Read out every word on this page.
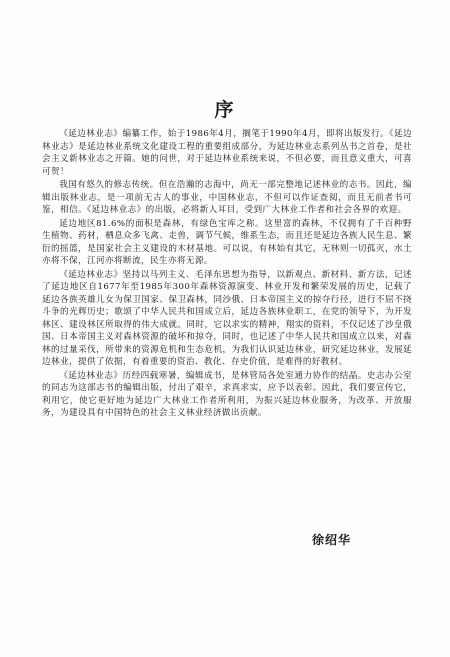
序

《延边林业志》编纂工作，始于1986年4月，搁笔于1990年4月，即将出版发行。《延边林业志》是延边林业系统文化建设工程的重要组成部分，为延边林业志系列丛书之首卷，是社会主义新林业志之开篇。她的问世，对于延边林业系统来说，不但必要，而且意义重大，可喜可贺！

我国有悠久的修志传统。但在浩瀚的志海中，尚无一部完整地记述林业的志书。因此，编辑出版林业志，是一项前无古人的事业，中国林业志，不但可以作证查阅，而且无前者书可鉴，相信。《延边林业志》的出版，必将新人耳目，受到广大林业工作者和社会各界的欢迎。

延边地区81.6%的面积是森林，有绿色宝库之称。这里富的森林，不仅拥有了千百种野生植物、药材，栖息众多飞禽、走兽，调节气候，维系生态，而且还是延边各族人民生息、繁衍的摇篮，是国家社会主义建设的木材基地。可以说，有林始有其它，无林则一切孤灭，水土亦将不保，江河亦将断流，民生亦将无源。

《延边林业志》坚持以马列主义、毛泽东思想为指导，以新观点、新材料、新方法，记述了延边地区自1677年至1985年300年森林资源演变、林业开发和繁荣发展的历史，记载了延边各族英雄儿女为保卫国家、保卫森林，同沙俄、日本帝国主义的掠夺行径，进行不屈不挠斗争的光辉历史；歌颂了中华人民共和国成立后，延边各族林业职工，在党的领导下，为开发林区、建设林区所取得的伟大成就。同时，它以求实的精神，翔实的资料，不仅记述了沙皇俄国、日本帝国主义对森林资源的破坏和掠夺，同时，也记述了中华人民共和国成立以来，对森林的过量采伐，所带来的资源危机和生态危机，为我们认识延边林业，研究延边林业，发展延边林业，提供了依据，有着重要的资治、教化、存史价值，是难得的好教材。

《延边林业志》历经四载寒暑，编辑成书，是林管局各处室通力协作的结晶。史志办公室的同志为这部志书的编辑出版，付出了艰辛，求真求实，应予以表彰。因此，我们要宣传它，利用它，使它更好地为延边广大林业工作者所利用，为振兴延边林业服务，为改革、开放服务，为建设具有中国特色的社会主义林业经济做出贡献。

徐绍华
